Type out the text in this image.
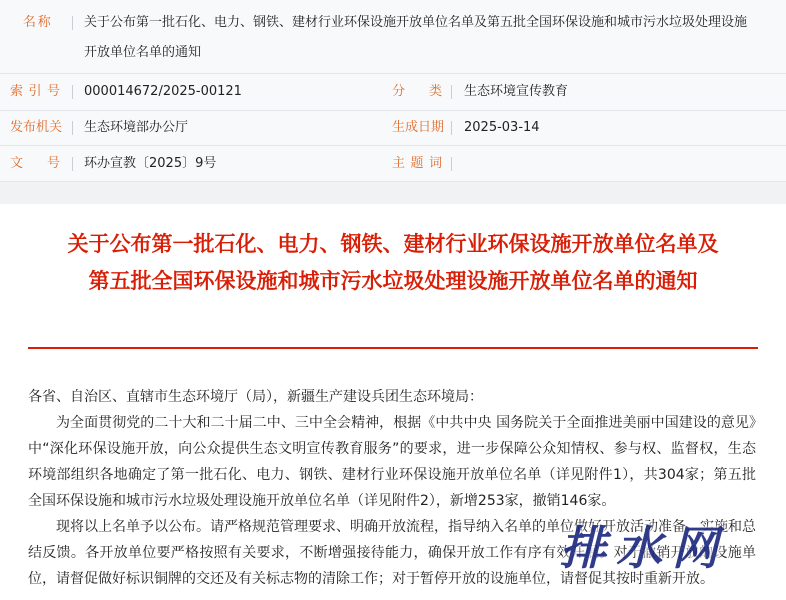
名 称	关于公布第一批石化、电力、钢铁、建材行业环保设施开放单位名单及第五批全国环保设施和城市污水垃圾处理设施开放单位名单的通知
索 引 号 000014672/2025-00121	分 类 生态环境宣传教育
发布机关 生态环境部办公厅	生成日期 2025-03-14
文 号 环办宣教〔2025〕9号	主 题 词
关于公布第一批石化、电力、钢铁、建材行业环保设施开放单位名单及第五批全国环保设施和城市污水垃圾处理设施开放单位名单的通知

各省、自治区、直辖市生态环境厅（局），新疆生产建设兵团生态环境局：

为全面贯彻党的二十大和二十届二中、三中全会精神，根据《中共中央 国务院关于全面推进美丽中国建设的意见》中“深化环保设施开放，向公众提供生态文明宣传教育服务”的要求，进一步保障公众知情权、参与权、监督权，生态环境部组织各地确定了第一批石化、电力、钢铁、建材行业环保设施开放单位名单（详见附件1），共304家；第五批全国环保设施和城市污水垃圾处理设施开放单位名单（详见附件2），新增253家，撤销146家。

现将以上名单予以公布。请严格规范管理要求、明确开放流程，指导纳入名单的单位做好开放活动准备、实施和总结反馈。各开放单位要严格按照有关要求，不断增强接待能力，确保开放工作有序有效开展。对于撤销开放的设施单位，请督促做好标识铜牌的交还及有关标志物的清除工作；对于暂停开放的设施单位，请督促其按时重新开放。

排水网
